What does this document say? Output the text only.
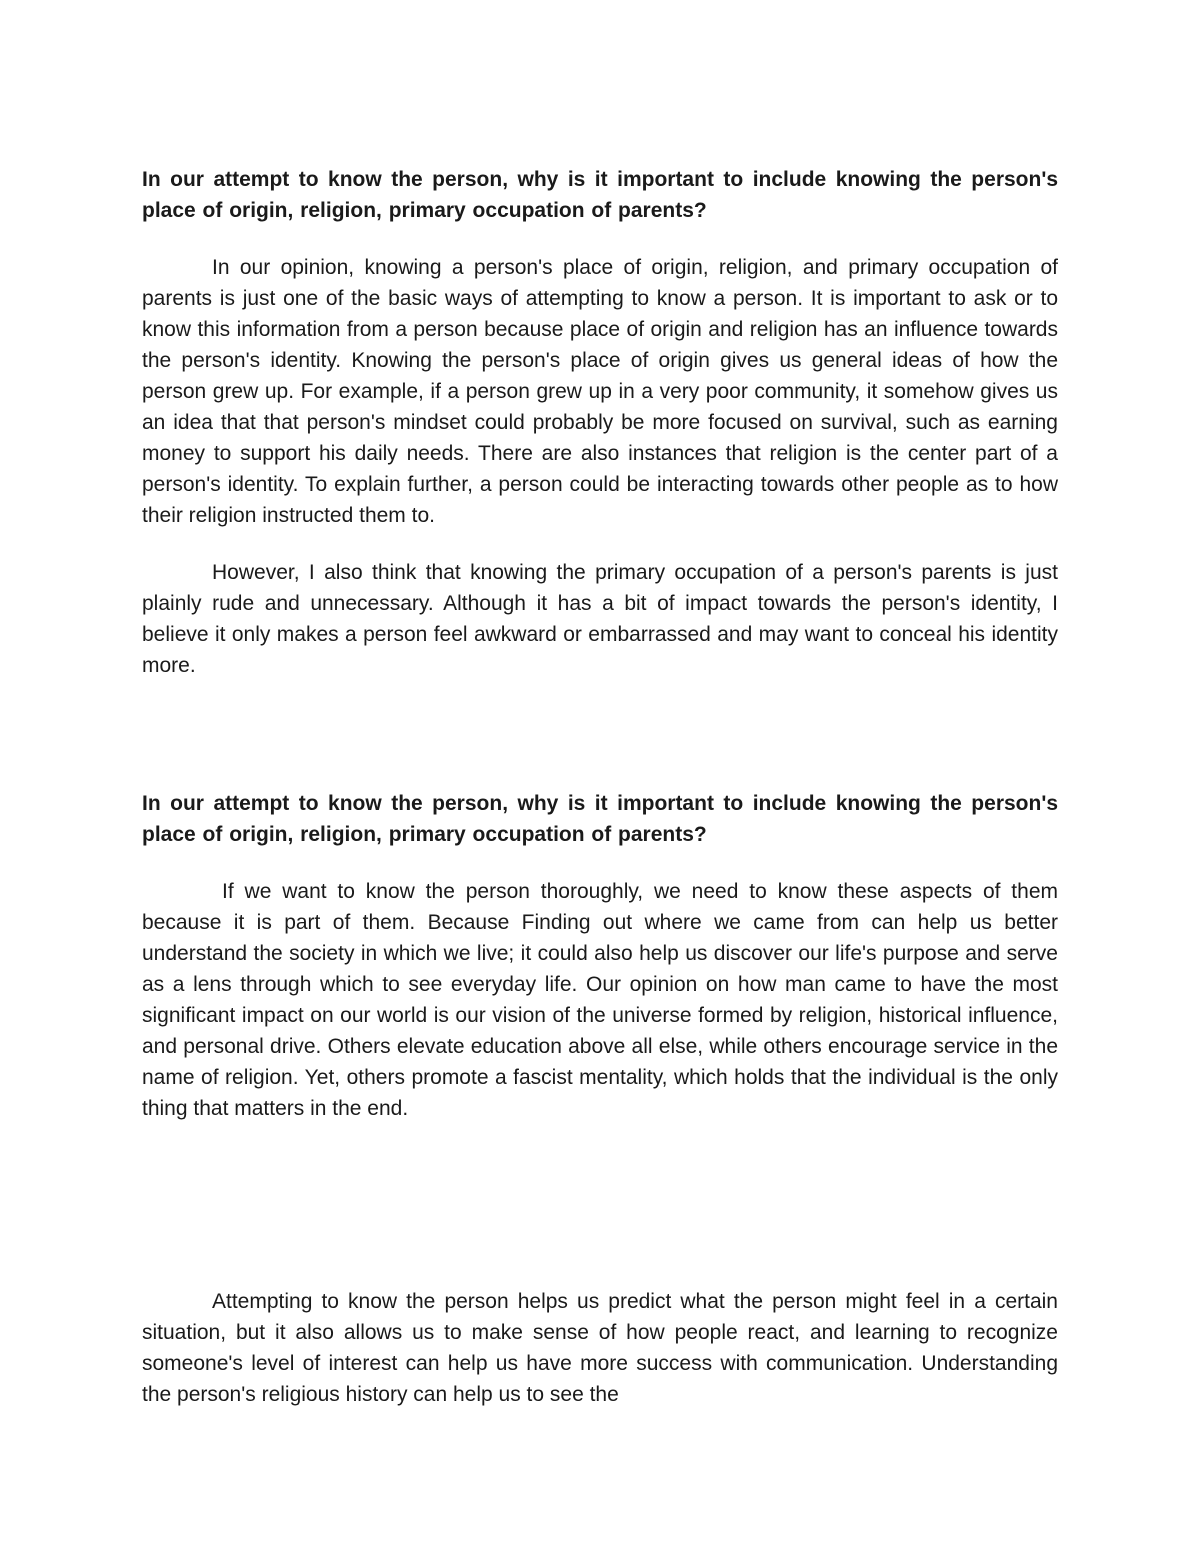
In our attempt to know the person, why is it important to include knowing the person's place of origin, religion, primary occupation of parents?

In our opinion, knowing a person's place of origin, religion, and primary occupation of parents is just one of the basic ways of attempting to know a person. It is important to ask or to know this information from a person because place of origin and religion has an influence towards the person's identity. Knowing the person's place of origin gives us general ideas of how the person grew up. For example, if a person grew up in a very poor community, it somehow gives us an idea that that person's mindset could probably be more focused on survival, such as earning money to support his daily needs. There are also instances that religion is the center part of a person's identity. To explain further, a person could be interacting towards other people as to how their religion instructed them to.

However, I also think that knowing the primary occupation of a person's parents is just plainly rude and unnecessary. Although it has a bit of impact towards the person's identity, I believe it only makes a person feel awkward or embarrassed and may want to conceal his identity more.

In our attempt to know the person, why is it important to include knowing the person's place of origin, religion, primary occupation of parents?

If we want to know the person thoroughly, we need to know these aspects of them because it is part of them. Because Finding out where we came from can help us better understand the society in which we live; it could also help us discover our life's purpose and serve as a lens through which to see everyday life. Our opinion on how man came to have the most significant impact on our world is our vision of the universe formed by religion, historical influence, and personal drive. Others elevate education above all else, while others encourage service in the name of religion. Yet, others promote a fascist mentality, which holds that the individual is the only thing that matters in the end.

Attempting to know the person helps us predict what the person might feel in a certain situation, but it also allows us to make sense of how people react, and learning to recognize someone's level of interest can help us have more success with communication. Understanding the person's religious history can help us to see the
